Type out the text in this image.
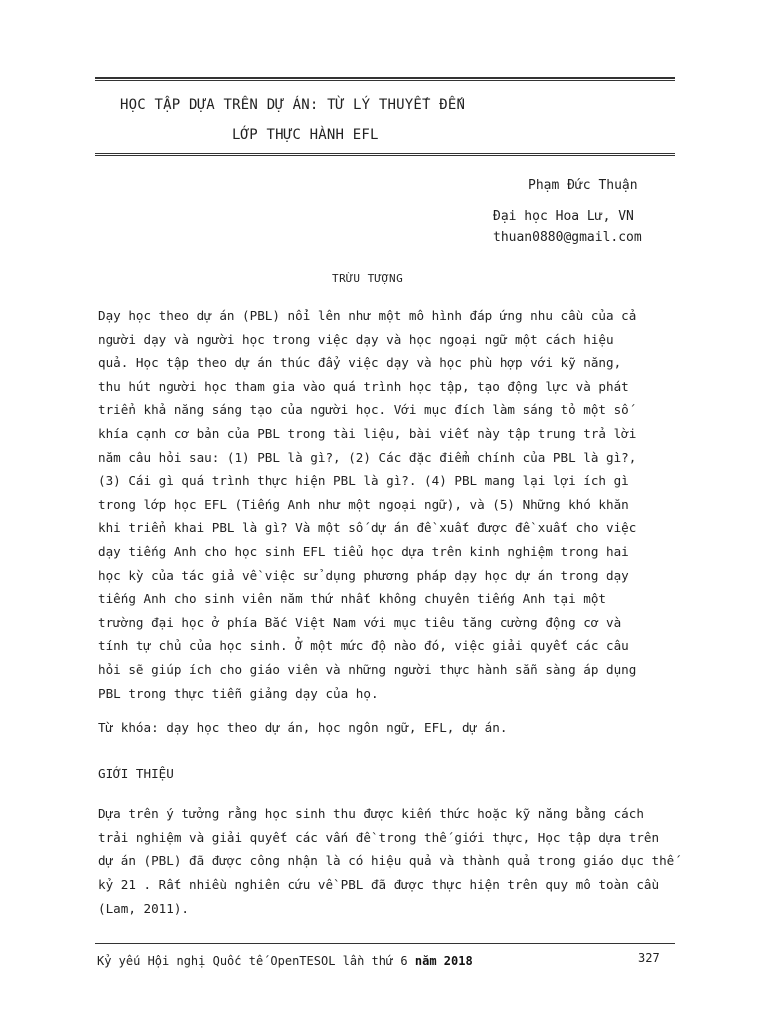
HỌC TẬP DỰA TRÊN DỰ ÁN: TỪ LÝ THUYẾT ĐẾN
LỚP THỰC HÀNH EFL
Phạm Đức Thuận
Đại học Hoa Lư, VN
thuan0880@gmail.com
TRỪU TƯỢNG
Dạy học theo dự án (PBL) nổi lên như một mô hình đáp ứng nhu cầu của cả
người dạy và người học trong việc dạy và học ngoại ngữ một cách hiệu
quả. Học tập theo dự án thúc đẩy việc dạy và học phù hợp với kỹ năng,
thu hút người học tham gia vào quá trình học tập, tạo động lực và phát
triển khả năng sáng tạo của người học. Với mục đích làm sáng tỏ một số
khía cạnh cơ bản của PBL trong tài liệu, bài viết này tập trung trả lời
năm câu hỏi sau: (1) PBL là gì?, (2) Các đặc điểm chính của PBL là gì?,
(3) Cái gì quá trình thực hiện PBL là gì?. (4) PBL mang lại lợi ích gì
trong lớp học EFL (Tiếng Anh như một ngoại ngữ), và (5) Những khó khăn
khi triển khai PBL là gì? Và một số dự án đề xuất được đề xuất cho việc
dạy tiếng Anh cho học sinh EFL tiểu học dựa trên kinh nghiệm trong hai
học kỳ của tác giả về việc sử dụng phương pháp dạy học dự án trong dạy
tiếng Anh cho sinh viên năm thứ nhất không chuyên tiếng Anh tại một
trường đại học ở phía Bắc Việt Nam với mục tiêu tăng cường động cơ và
tính tự chủ của học sinh. Ở một mức độ nào đó, việc giải quyết các câu
hỏi sẽ giúp ích cho giáo viên và những người thực hành sẵn sàng áp dụng
PBL trong thực tiễn giảng dạy của họ.
Từ khóa: dạy học theo dự án, học ngôn ngữ, EFL, dự án.
GIỚI THIỆU
Dựa trên ý tưởng rằng học sinh thu được kiến thức hoặc kỹ năng bằng cách
trải nghiệm và giải quyết các vấn đề trong thế giới thực, Học tập dựa trên
dự án (PBL) đã được công nhận là có hiệu quả và thành quả trong giáo dục thế
kỷ 21 . Rất nhiều nghiên cứu về PBL đã được thực hiện trên quy mô toàn cầu
(Lam, 2011).
Kỷ yếu Hội nghị Quốc tế OpenTESOL lần thứ 6 năm 2018	327
